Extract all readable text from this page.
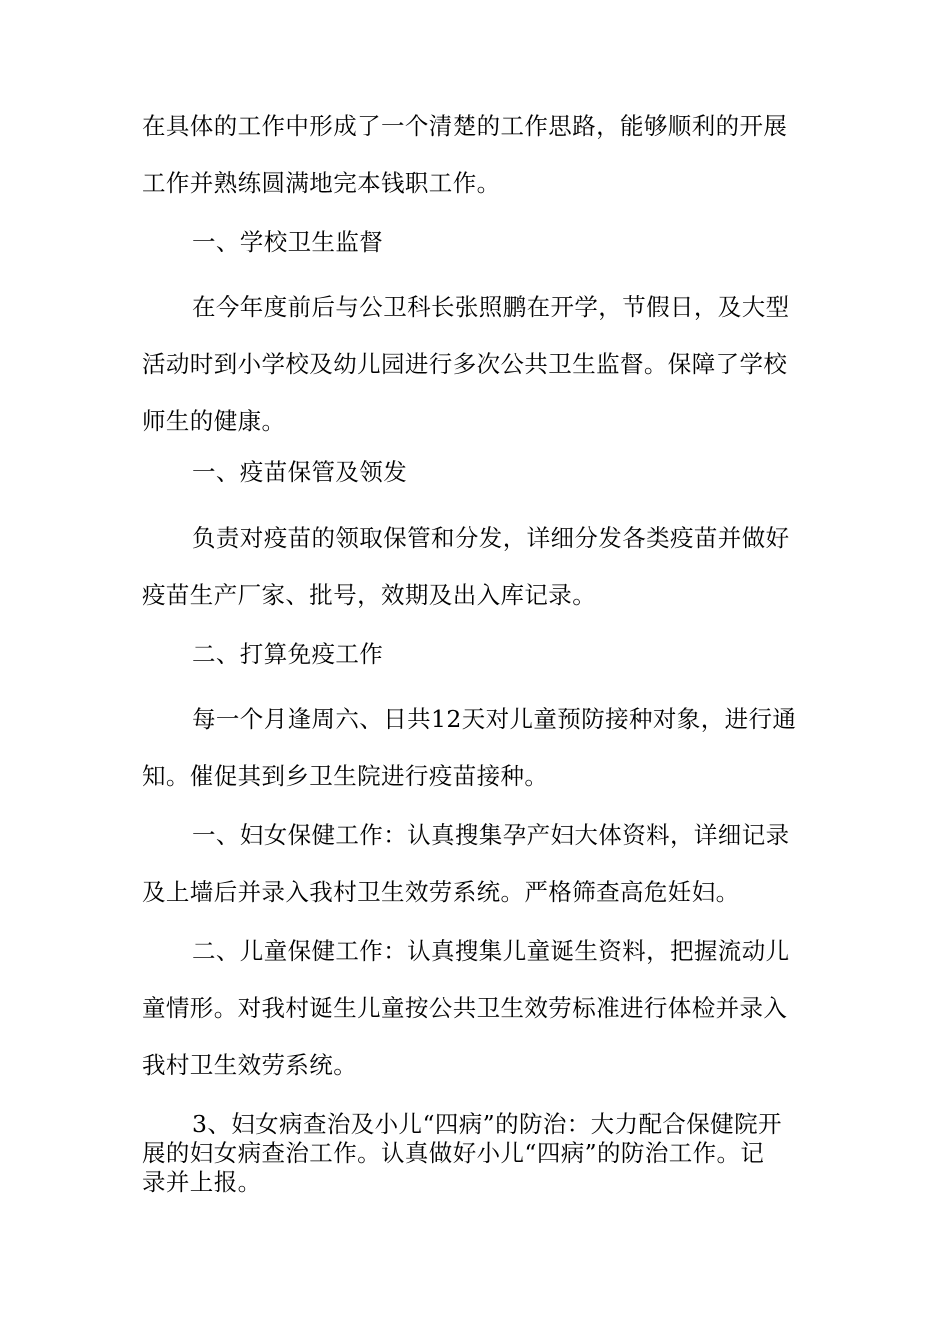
在具体的工作中形成了一个清楚的工作思路，能够顺利的开展
工作并熟练圆满地完本钱职工作。
一、学校卫生监督
在今年度前后与公卫科长张照鹏在开学，节假日，及大型
活动时到小学校及幼儿园进行多次公共卫生监督。保障了学校
师生的健康。
一、疫苗保管及领发
负责对疫苗的领取保管和分发，详细分发各类疫苗并做好
疫苗生产厂家、批号，效期及出入库记录。
二、打算免疫工作
每一个月逢周六、日共12天对儿童预防接种对象，进行通
知。催促其到乡卫生院进行疫苗接种。
一、妇女保健工作：认真搜集孕产妇大体资料，详细记录
及上墙后并录入我村卫生效劳系统。严格筛查高危妊妇。
二、儿童保健工作：认真搜集儿童诞生资料，把握流动儿
童情形。对我村诞生儿童按公共卫生效劳标准进行体检并录入
我村卫生效劳系统。
3、妇女病查治及小儿“四病”的防治：大力配合保健院开
展的妇女病查治工作。认真做好小儿“四病”的防治工作。记
录并上报。
